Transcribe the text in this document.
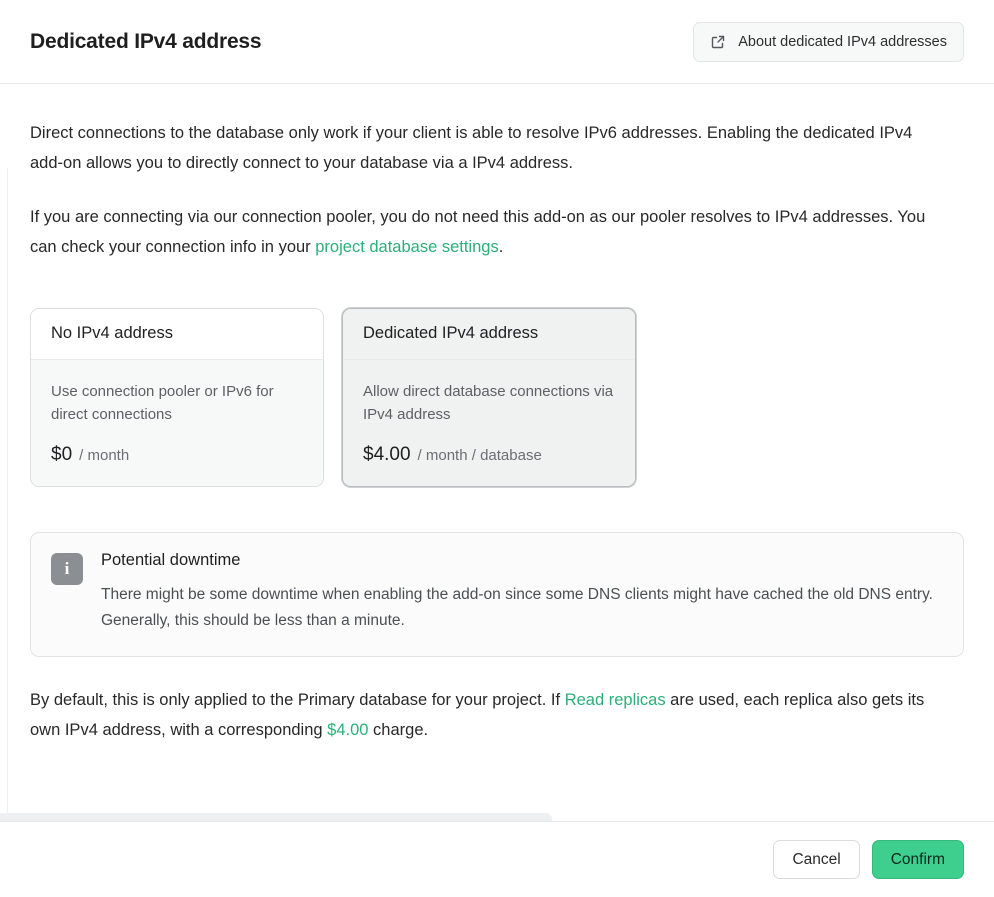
Dedicated IPv4 address	About dedicated IPv4 addresses

Direct connections to the database only work if your client is able to resolve IPv6 addresses. Enabling the dedicated IPv4 add-on allows you to directly connect to your database via a IPv4 address.

If you are connecting via our connection pooler, you do not need this add-on as our pooler resolves to IPv4 addresses. You can check your connection info in your project database settings.

No IPv4 address
Use connection pooler or IPv6 for direct connections
$0 / month
Dedicated IPv4 address
Allow direct database connections via IPv4 address
$4.00 / month / database
i	Potential downtime
There might be some downtime when enabling the add-on since some DNS clients might have cached the old DNS entry. Generally, this should be less than a minute.

By default, this is only applied to the Primary database for your project. If Read replicas are used, each replica also gets its own IPv4 address, with a corresponding $4.00 charge.

Cancel	Confirm
